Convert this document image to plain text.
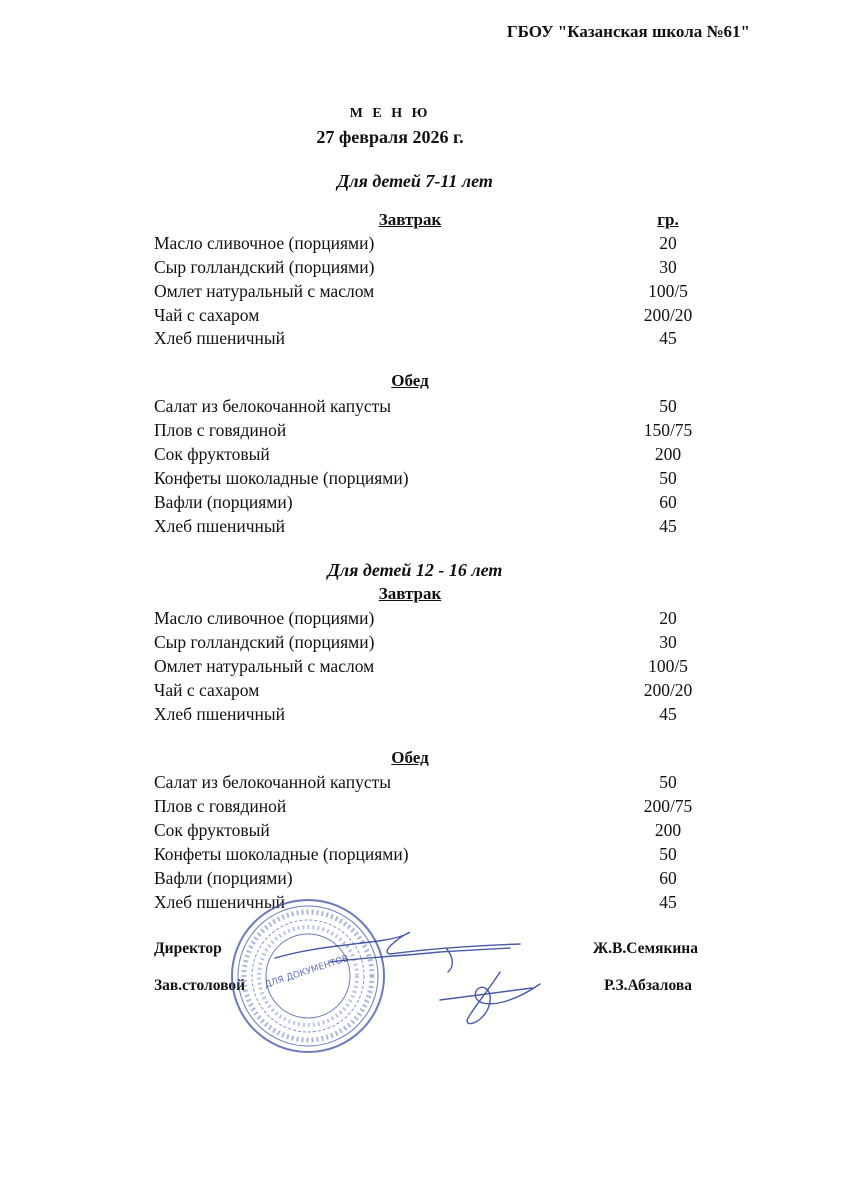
ГБОУ "Казанская школа №61"
М Е Н Ю
27 февраля 2026 г.
Для детей 7-11 лет
Завтрак	гр.
Масло сливочное (порциями)	20
Сыр голландский (порциями)	30
Омлет натуральный с маслом	100/5
Чай с сахаром	200/20
Хлеб пшеничный	45
Обед
Салат из белокочанной капусты	50
Плов с говядиной	150/75
Сок фруктовый	200
Конфеты шоколадные (порциями)	50
Вафли (порциями)	60
Хлеб пшеничный	45
Для детей 12 - 16 лет
Завтрак
Масло сливочное (порциями)	20
Сыр голландский (порциями)	30
Омлет натуральный с маслом	100/5
Чай с сахаром	200/20
Хлеб пшеничный	45
Обед
Салат из белокочанной капусты	50
Плов с говядиной	200/75
Сок фруктовый	200
Конфеты шоколадные (порциями)	50
Вафли (порциями)	60
Хлеб пшеничный	45
Директор	Ж.В.Семякина
Зав.столовой	Р.З.Абзалова
ДЛЯ ДОКУМЕНТОВ
